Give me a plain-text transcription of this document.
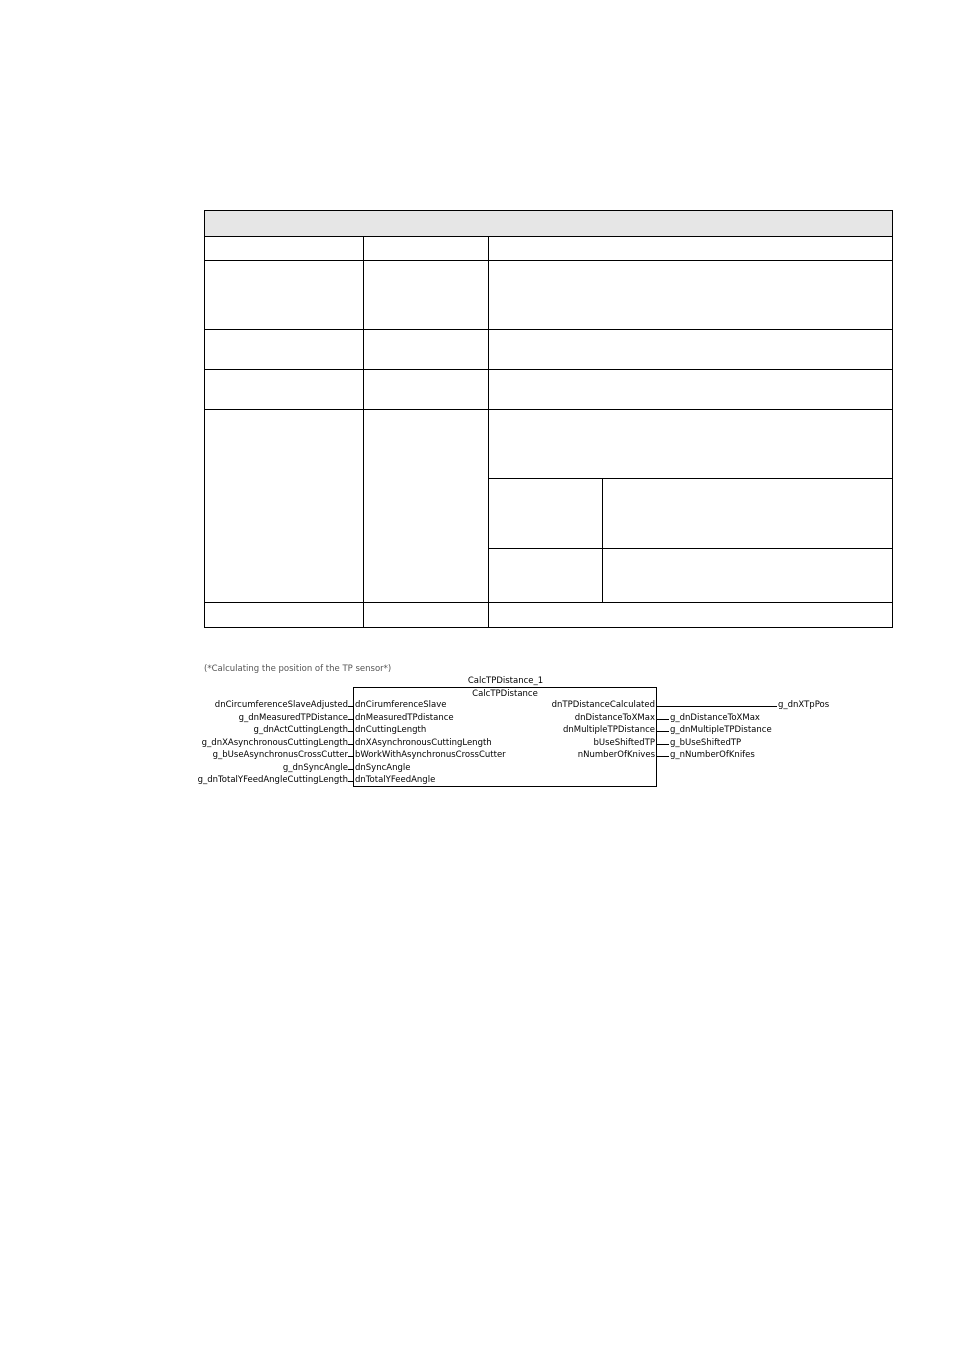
(*Calculating the position of the TP sensor*)
CalcTPDistance_1
CalcTPDistance
dnCircumferenceSlaveAdjusted
g_dnMeasuredTPDistance
g_dnActCuttingLength
g_dnXAsynchronousCuttingLength
g_bUseAsynchronusCrossCutter
g_dnSyncAngle
g_dnTotalYFeedAngleCuttingLength
dnCirumferenceSlave
dnMeasuredTPdistance
dnCuttingLength
dnXAsynchronousCuttingLength
bWorkWithAsynchronusCrossCutter
dnSyncAngle
dnTotalYFeedAngle
dnTPDistanceCalculated
dnDistanceToXMax
dnMultipleTPDistance
bUseShiftedTP
nNumberOfKnives
g_dnXTpPos
g_dnDistanceToXMax
g_dnMultipleTPDistance
g_bUseShiftedTP
g_nNumberOfKnifes
